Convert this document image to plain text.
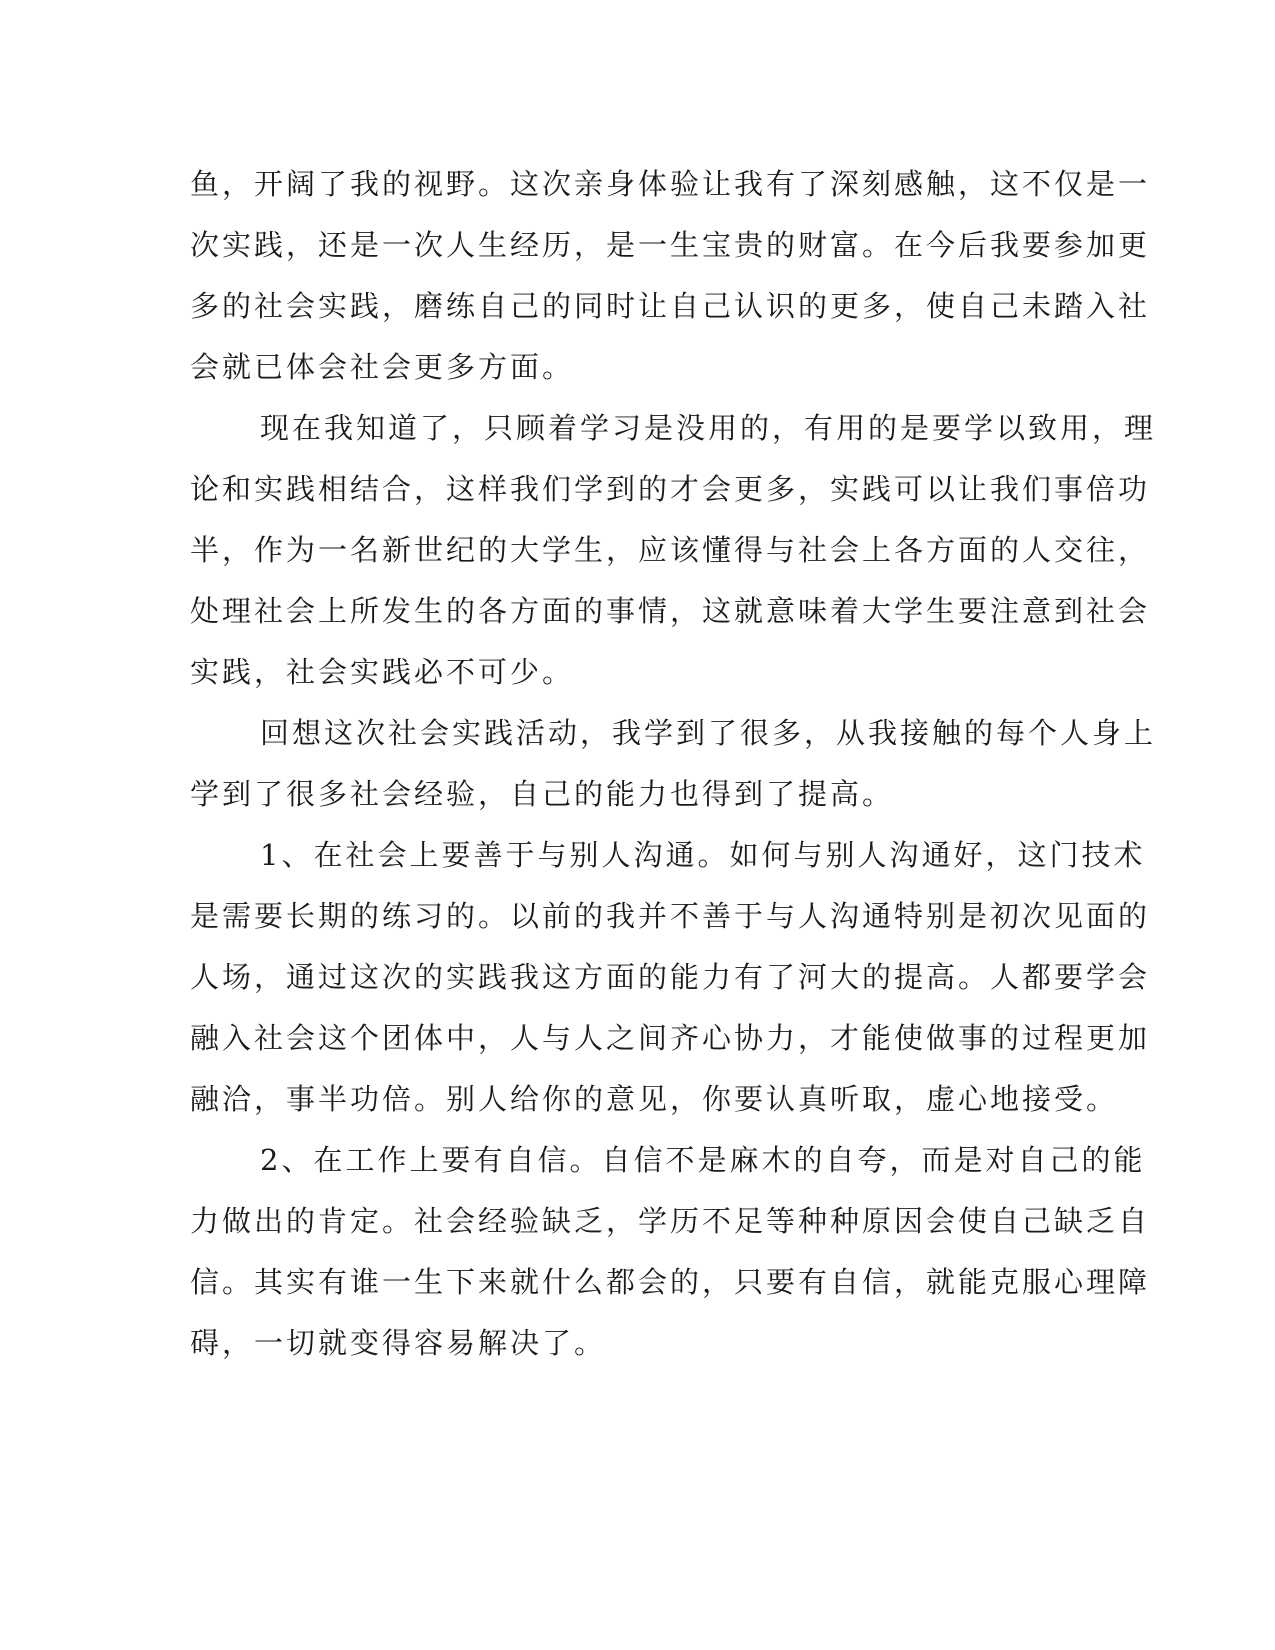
鱼，开阔了我的视野。这次亲身体验让我有了深刻感触，这不仅是一
次实践，还是一次人生经历，是一生宝贵的财富。在今后我要参加更
多的社会实践，磨练自己的同时让自己认识的更多，使自己未踏入社
会就已体会社会更多方面。
现在我知道了，只顾着学习是没用的，有用的是要学以致用，理
论和实践相结合，这样我们学到的才会更多，实践可以让我们事倍功
半，作为一名新世纪的大学生，应该懂得与社会上各方面的人交往，
处理社会上所发生的各方面的事情，这就意味着大学生要注意到社会
实践，社会实践必不可少。
回想这次社会实践活动，我学到了很多，从我接触的每个人身上
学到了很多社会经验，自己的能力也得到了提高。
1、在社会上要善于与别人沟通。如何与别人沟通好，这门技术
是需要长期的练习的。以前的我并不善于与人沟通特别是初次见面的
人场，通过这次的实践我这方面的能力有了河大的提高。人都要学会
融入社会这个团体中，人与人之间齐心协力，才能使做事的过程更加
融洽，事半功倍。别人给你的意见，你要认真听取，虚心地接受。
2、在工作上要有自信。自信不是麻木的自夸，而是对自己的能
力做出的肯定。社会经验缺乏，学历不足等种种原因会使自己缺乏自
信。其实有谁一生下来就什么都会的，只要有自信，就能克服心理障
碍，一切就变得容易解决了。
